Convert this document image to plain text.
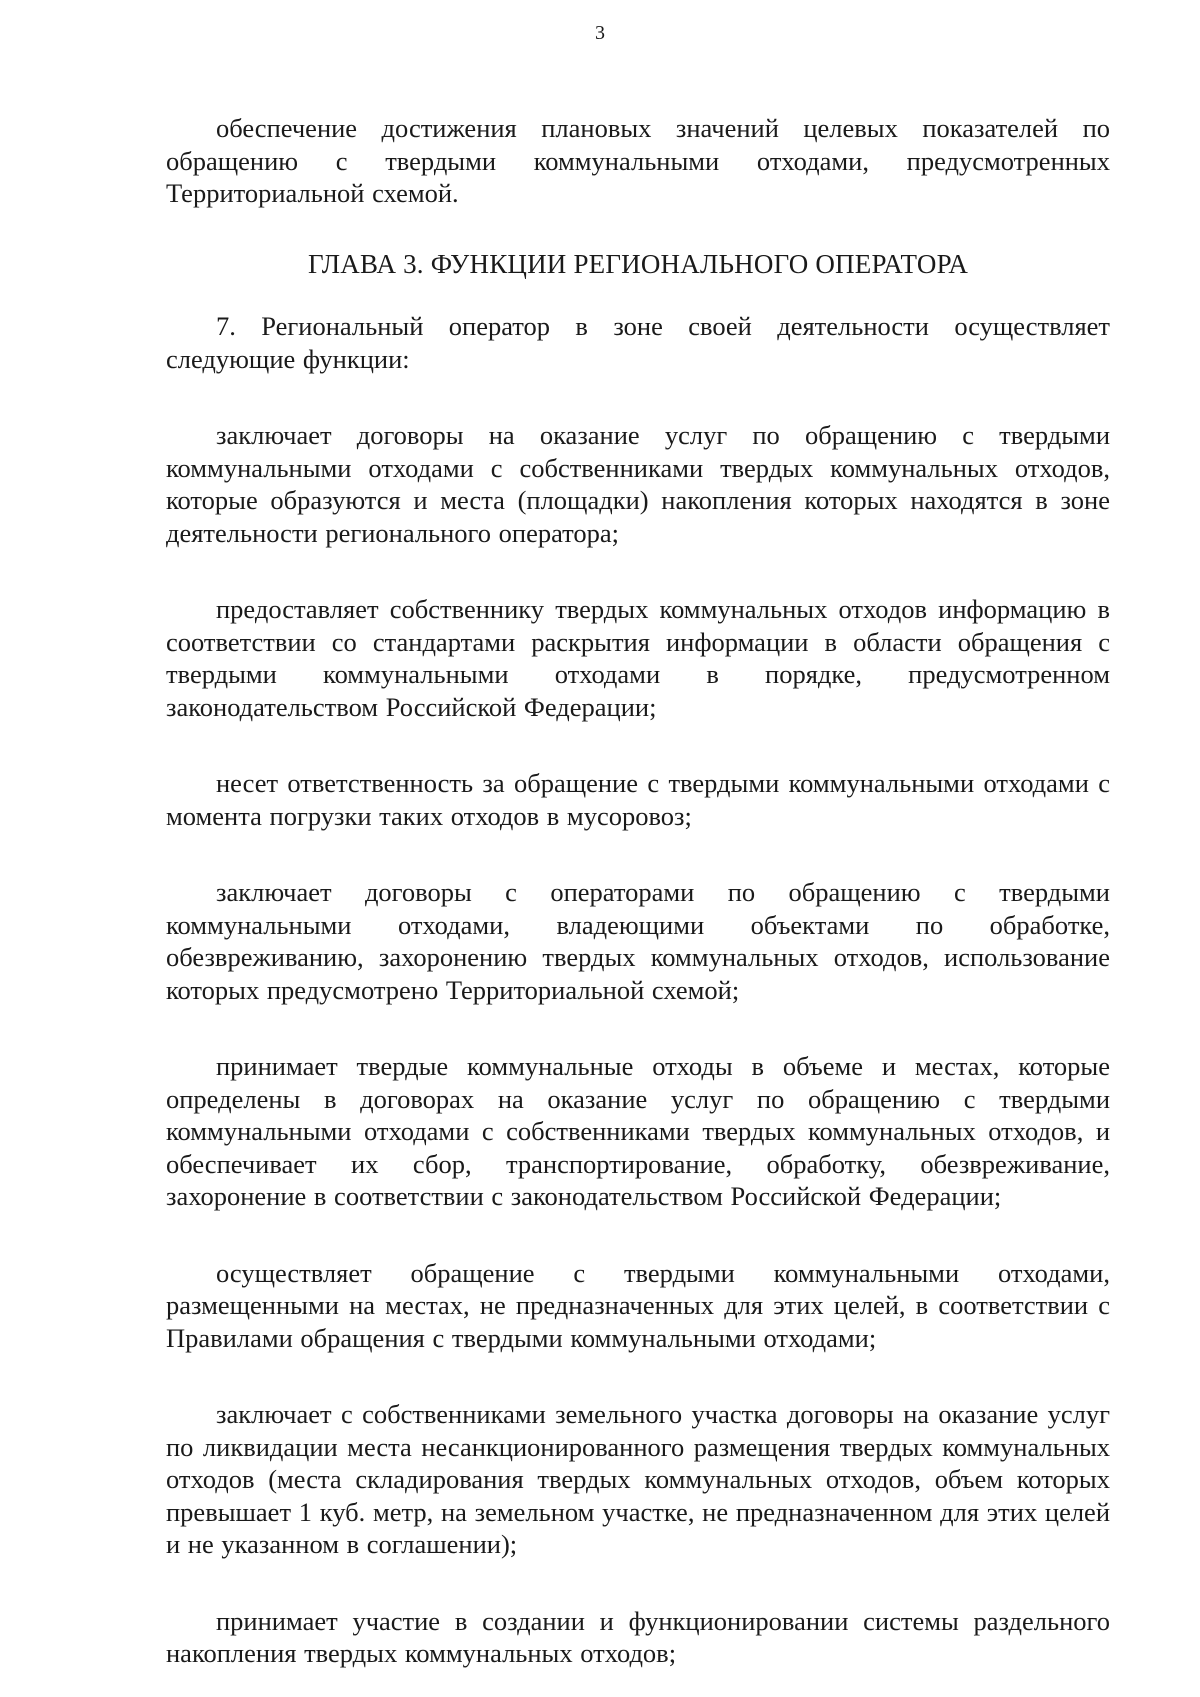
3

обеспечение достижения плановых значений целевых показателей по обращению с твердыми коммунальными отходами, предусмотренных Территориальной схемой.

ГЛАВА 3. ФУНКЦИИ РЕГИОНАЛЬНОГО ОПЕРАТОРА

7. Региональный оператор в зоне своей деятельности осуществляет следующие функции:

заключает договоры на оказание услуг по обращению с твердыми коммунальными отходами с собственниками твердых коммунальных отходов, которые образуются и места (площадки) накопления которых находятся в зоне деятельности регионального оператора;

предоставляет собственнику твердых коммунальных отходов информацию в соответствии со стандартами раскрытия информации в области обращения с твердыми коммунальными отходами в порядке, предусмотренном законодательством Российской Федерации;

несет ответственность за обращение с твердыми коммунальными отходами с момента погрузки таких отходов в мусоровоз;

заключает договоры с операторами по обращению с твердыми коммунальными отходами, владеющими объектами по обработке, обезвреживанию, захоронению твердых коммунальных отходов, использование которых предусмотрено Территориальной схемой;

принимает твердые коммунальные отходы в объеме и местах, которые определены в договорах на оказание услуг по обращению с твердыми коммунальными отходами с собственниками твердых коммунальных отходов, и обеспечивает их сбор, транспортирование, обработку, обезвреживание, захоронение в соответствии с законодательством Российской Федерации;

осуществляет обращение с твердыми коммунальными отходами, размещенными на местах, не предназначенных для этих целей, в соответствии с Правилами обращения с твердыми коммунальными отходами;

заключает с собственниками земельного участка договоры на оказание услуг по ликвидации места несанкционированного размещения твердых коммунальных отходов (места складирования твердых коммунальных отходов, объем которых превышает 1 куб. метр, на земельном участке, не предназначенном для этих целей и не указанном в соглашении);

принимает участие в создании и функционировании системы раздельного накопления твердых коммунальных отходов;
